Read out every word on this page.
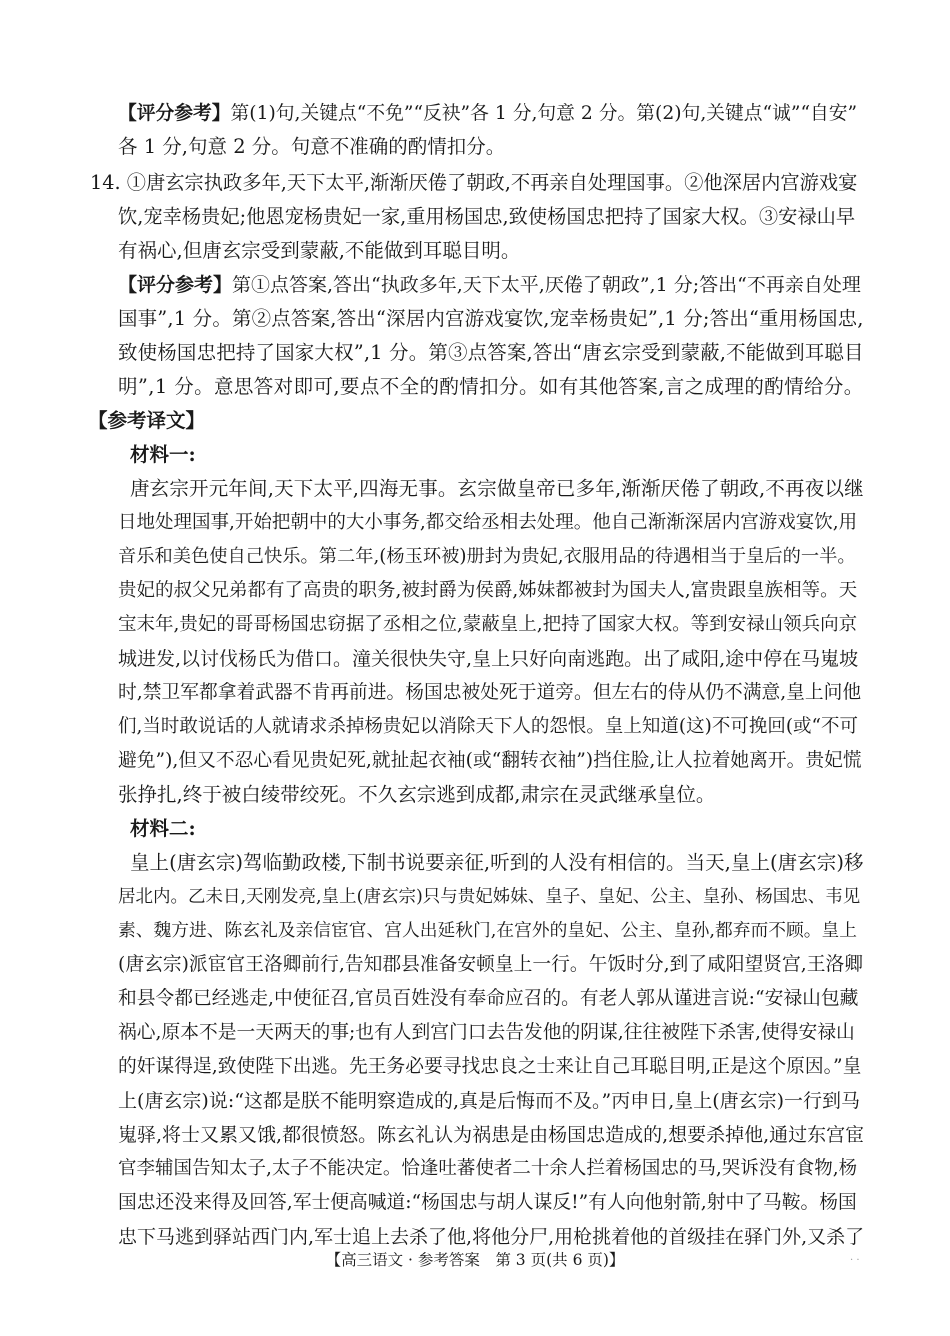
【评分参考】第(1)句,关键点“不免”“反袂”各 1 分,句意 2 分。第(2)句,关键点“诚”“自安”
各 1 分,句意 2 分。句意不准确的酌情扣分。
14. ①唐玄宗执政多年,天下太平,渐渐厌倦了朝政,不再亲自处理国事。②他深居内宫游戏宴
饮,宠幸杨贵妃;他恩宠杨贵妃一家,重用杨国忠,致使杨国忠把持了国家大权。③安禄山早
有祸心,但唐玄宗受到蒙蔽,不能做到耳聪目明。
【评分参考】第①点答案,答出“执政多年,天下太平,厌倦了朝政”,1 分;答出“不再亲自处理
国事”,1 分。第②点答案,答出“深居内宫游戏宴饮,宠幸杨贵妃”,1 分;答出“重用杨国忠,
致使杨国忠把持了国家大权”,1 分。第③点答案,答出“唐玄宗受到蒙蔽,不能做到耳聪目
明”,1 分。意思答对即可,要点不全的酌情扣分。如有其他答案,言之成理的酌情给分。
【参考译文】
材料一:
唐玄宗开元年间,天下太平,四海无事。玄宗做皇帝已多年,渐渐厌倦了朝政,不再夜以继
日地处理国事,开始把朝中的大小事务,都交给丞相去处理。他自己渐渐深居内宫游戏宴饮,用
音乐和美色使自己快乐。第二年,(杨玉环被)册封为贵妃,衣服用品的待遇相当于皇后的一半。
贵妃的叔父兄弟都有了高贵的职务,被封爵为侯爵,姊妹都被封为国夫人,富贵跟皇族相等。天
宝末年,贵妃的哥哥杨国忠窃据了丞相之位,蒙蔽皇上,把持了国家大权。等到安禄山领兵向京
城进发,以讨伐杨氏为借口。潼关很快失守,皇上只好向南逃跑。出了咸阳,途中停在马嵬坡
时,禁卫军都拿着武器不肯再前进。杨国忠被处死于道旁。但左右的侍从仍不满意,皇上问他
们,当时敢说话的人就请求杀掉杨贵妃以消除天下人的怨恨。皇上知道(这)不可挽回(或“不可
避免”),但又不忍心看见贵妃死,就扯起衣袖(或“翻转衣袖”)挡住脸,让人拉着她离开。贵妃慌
张挣扎,终于被白绫带绞死。不久玄宗逃到成都,肃宗在灵武继承皇位。
材料二:
皇上(唐玄宗)驾临勤政楼,下制书说要亲征,听到的人没有相信的。当天,皇上(唐玄宗)移
居北内。乙未日,天刚发亮,皇上(唐玄宗)只与贵妃姊妹、皇子、皇妃、公主、皇孙、杨国忠、韦见
素、魏方进、陈玄礼及亲信宦官、宫人出延秋门,在宫外的皇妃、公主、皇孙,都弃而不顾。皇上
(唐玄宗)派宦官王洛卿前行,告知郡县准备安顿皇上一行。午饭时分,到了咸阳望贤宫,王洛卿
和县令都已经逃走,中使征召,官员百姓没有奉命应召的。有老人郭从谨进言说:“安禄山包藏
祸心,原本不是一天两天的事;也有人到宫门口去告发他的阴谋,往往被陛下杀害,使得安禄山
的奸谋得逞,致使陛下出逃。先王务必要寻找忠良之士来让自己耳聪目明,正是这个原因。”皇
上(唐玄宗)说:“这都是朕不能明察造成的,真是后悔而不及。”丙申日,皇上(唐玄宗)一行到马
嵬驿,将士又累又饿,都很愤怒。陈玄礼认为祸患是由杨国忠造成的,想要杀掉他,通过东宫宦
官李辅国告知太子,太子不能决定。恰逢吐蕃使者二十余人拦着杨国忠的马,哭诉没有食物,杨
国忠还没来得及回答,军士便高喊道:“杨国忠与胡人谋反!”有人向他射箭,射中了马鞍。杨国
忠下马逃到驿站西门内,军士追上去杀了他,将他分尸,用枪挑着他的首级挂在驿门外,又杀了
【高三语文 · 参考答案　第 3 页(共 6 页)】	. .
